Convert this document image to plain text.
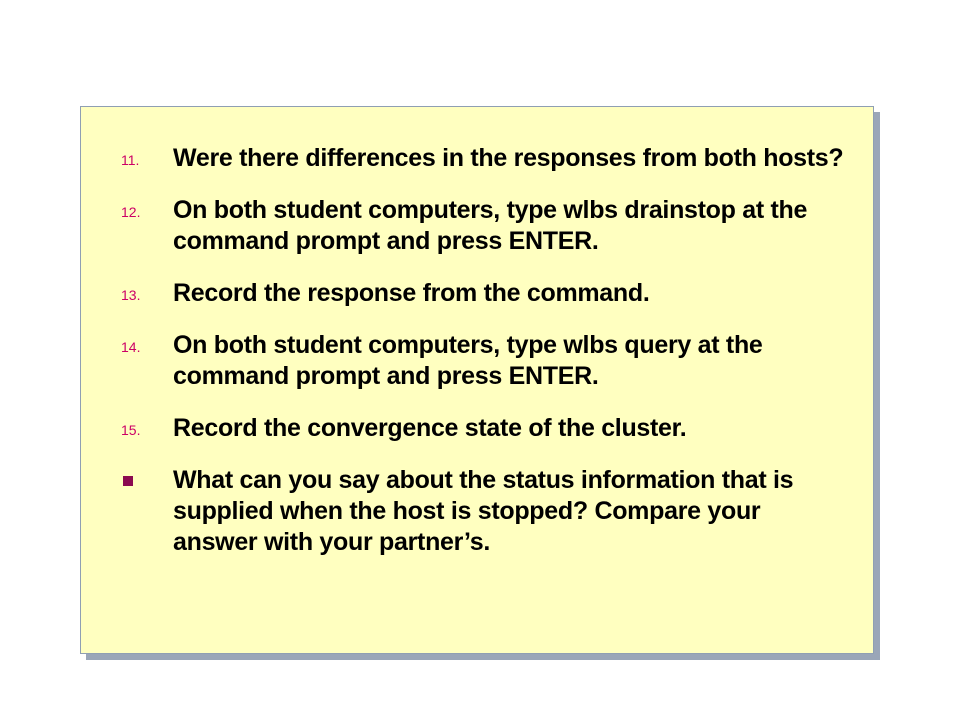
11.	Were there differences in the responses from both hosts?
12.	On both student computers, type wlbs drainstop at the command prompt and press ENTER.
13.	Record the response from the command.
14.	On both student computers, type wlbs query at the command prompt and press ENTER.
15.	Record the convergence state of the cluster.
What can you say about the status information that is supplied when the host is stopped? Compare your answer with your partner’s.
